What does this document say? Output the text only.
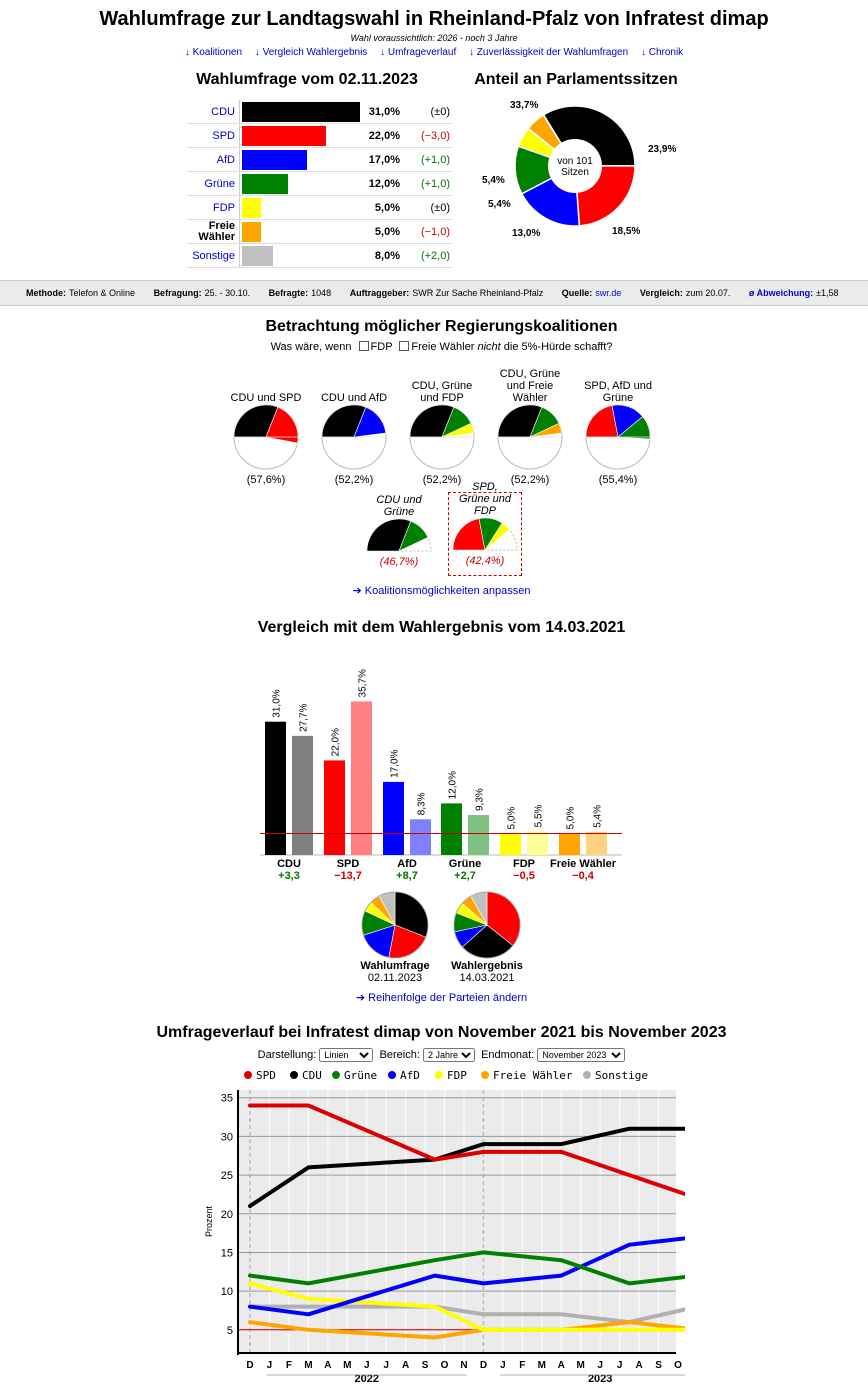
Wahlumfrage zur Landtagswahl in Rheinland-Pfalz von Infratest dimap
Wahl voraussichtlich: 2026 - noch 3 Jahre
↓ Koalitionen ↓ Vergleich Wahlergebnis ↓ Umfrageverlauf ↓ Zuverlässigkeit der Wahlumfragen ↓ Chronik
Wahlumfrage vom 02.11.2023
CDU		31,0%	(±0)
SPD		22,0%	(−3,0)
AfD		17,0%	(+1,0)
Grüne		12,0%	(+1,0)
FDP		5,0%	(±0)
Freie Wähler		5,0%	(−1,0)
Sonstige		8,0%	(+2,0)
Anteil an Parlamentssitzen
33,7%
23,9%
18,5%
13,0%
5,4%
5,4%
von 101
Sitzen
Methode: Telefon & Online Befragung: 25. - 30.10. Befragte: 1048 Auftraggeber: SWR Zur Sache Rheinland-Pfalz Quelle: swr.de Vergleich: zum 20.07. ø Abweichung: ±1,58
Betrachtung möglicher Regierungskoalitionen
Was wäre, wenn FDP Freie Wähler nicht die 5%-Hürde schafft?
CDU und SPD
(57,6%)
CDU und AfD
(52,2%)
CDU, Grüne und FDP
(52,2%)
CDU, Grüne und Freie Wähler
(52,2%)
SPD, AfD und Grüne
(55,4%)
CDU und Grüne
(46,7%)
SPD, Grüne und FDP
(42,4%)
➔ Koalitionsmöglichkeiten anpassen
Vergleich mit dem Wahlergebnis vom 14.03.2021
31,0%
27,7%
CDU
+3,3
22,0%
35,7%
SPD
−13,7
17,0%
8,3%
AfD
+8,7
12,0%
9,3%
Grüne
+2,7
5,0% 5,5%
FDP
−0,5
5,0% 5,4%
Freie Wähler
−0,4
Wahlumfrage
02.11.2023
Wahlergebnis
14.03.2021
➔ Reihenfolge der Parteien ändern
Umfrageverlauf bei Infratest dimap von November 2021 bis November 2023
Darstellung:
Linien	Bereich:
2 Jahre	Endmonat:
November 2023
SPD	CDU	Grüne	AfD	FDP	Freie Wähler	Sonstige
5
10
15
20
25
30
35
Prozent
D J F M A M J J A S O N D J F M A M J J A S O
2022	2023
